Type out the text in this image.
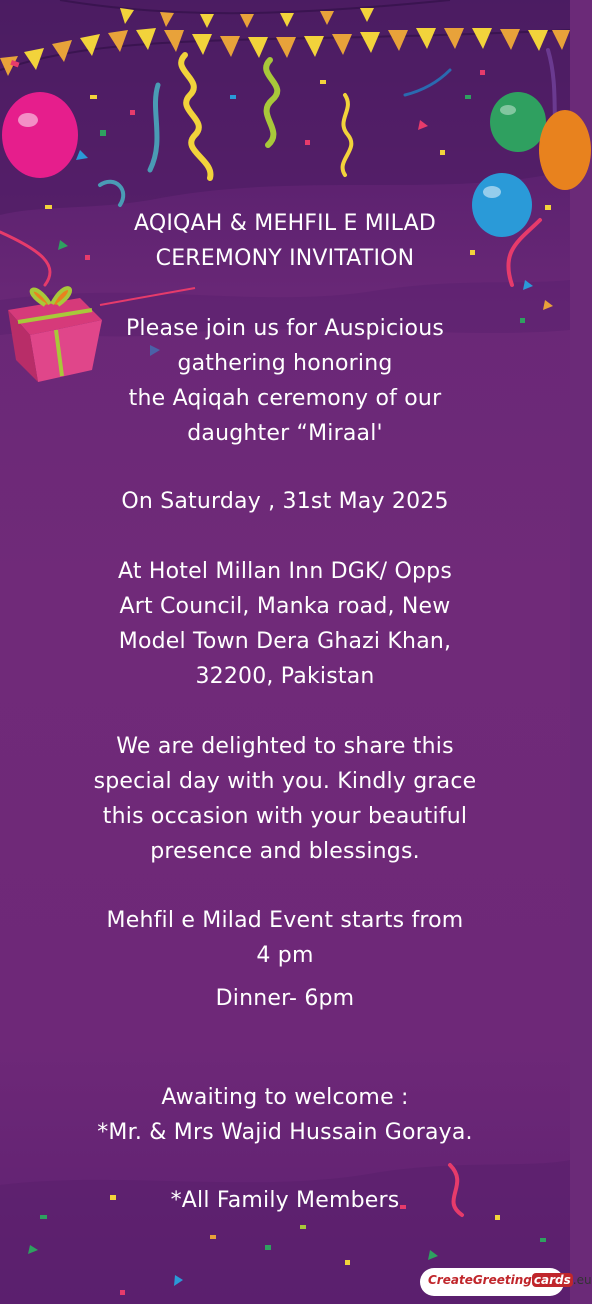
AQIQAH & MEHFIL E MILAD

CEREMONY INVITATION

Please join us for Auspicious

gathering honoring

the Aqiqah ceremony of our

daughter “Miraal'

On Saturday , 31st May 2025

At Hotel Millan Inn DGK/ Opps

Art Council, Manka road, New

Model Town Dera Ghazi Khan,

32200, Pakistan

We are delighted to share this

special day with you. Kindly grace

this occasion with your beautiful

presence and blessings.

Mehfil e Milad Event starts from

4 pm

Dinner- 6pm

Awaiting to welcome :

*Mr. & Mrs Wajid Hussain Goraya.

*All Family Members

CreateGreeting cards .eu
